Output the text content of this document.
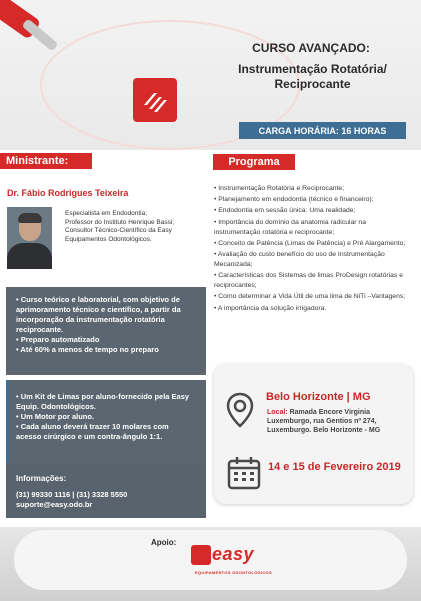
CURSO AVANÇADO:
Instrumentação Rotatória/ Reciprocante
CARGA HORÁRIA: 16 HORAS
Ministrante:	Programa
Dr. Fábio Rodrigues Teixeira
Especialista em Endodontia;
Professor do Instituto Henrique Bassi;
Consultor Técnico-Científico da Easy Equipamentos Odontológicos.

• Curso teórico e laboratorial, com objetivo de aprimoramento técnico e científico, a partir da incorporação da instrumentação rotatória reciprocante.
• Preparo automatizado
• Até 60% a menos de tempo no preparo

• Um Kit de Limas por aluno-fornecido pela Easy Equip. Odontológicos.
• Um Motor por aluno.
• Cada aluno deverá trazer 10 molares com acesso cirúrgico e um contra-ângulo 1:1.

Informações:
(31) 99330 1116 | (31) 3328 5550
suporte@easy.odo.br
• Instrumentação Rotatória e Reciprocante;
• Planejamento em endodontia (técnico e financeiro);
• Endodontia em sessão única: Uma realidade;
• Importância do domínio da anatomia radicular na instrumentação rotatória e reciprocante;
• Conceito de Patência (Limas de Patência) e Pré Alargamento;
• Avaliação do custo benefício do uso de Instrumentação Mecanizada;
• Características dos Sistemas de limas ProDesign rotatórias e reciprocantes;
• Como determinar a Vida Útil de uma lima de NiTi –Vantagens;
• A importância da solução irrigadora.
Belo Horizonte | MG
Local: Ramada Encore Virginia Luxemburgo, rua Gentios nº 274, Luxemburgo. Belo Horizonte - MG
14 e 15 de Fevereiro 2019
Apoio:
easy
EQUIPAMENTOS ODONTOLÓGICOS
